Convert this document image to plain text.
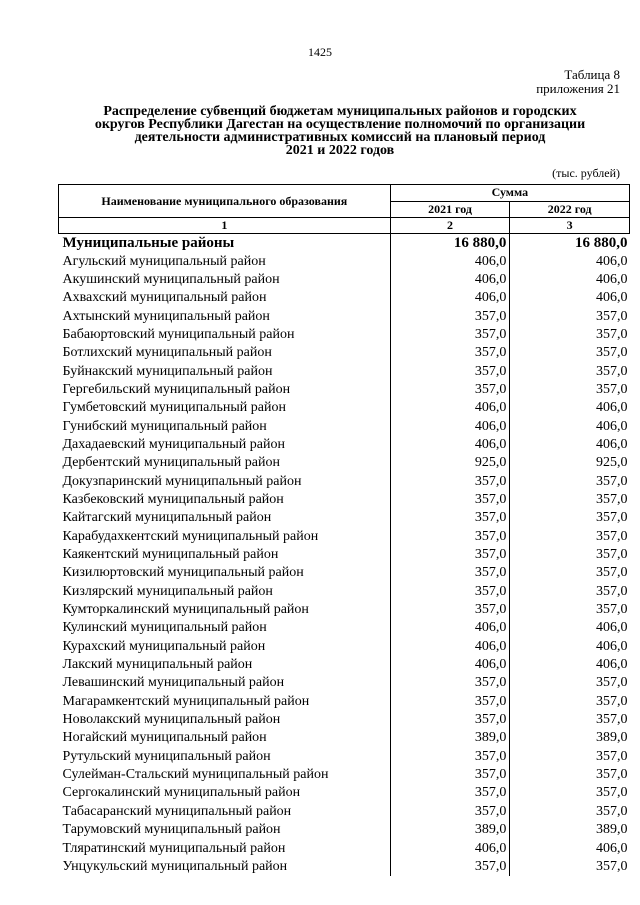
1425
Таблица 8
приложения 21
Распределение субвенций бюджетам муниципальных районов и городских
округов Республики Дагестан на осуществление полномочий по организации
деятельности административных комиссий на плановый период
2021 и 2022 годов
(тыс. рублей)
Наименование муниципального образования	Сумма	
	2021 год	2022 год
1	2	3
Муниципальные районы	16 880,0	16 880,0
Агульский муниципальный район	406,0	406,0
Акушинский муниципальный район	406,0	406,0
Ахвахский муниципальный район	406,0	406,0
Ахтынский муниципальный район	357,0	357,0
Бабаюртовский муниципальный район	357,0	357,0
Ботлихский муниципальный район	357,0	357,0
Буйнакский муниципальный район	357,0	357,0
Гергебильский муниципальный район	357,0	357,0
Гумбетовский муниципальный район	406,0	406,0
Гунибский муниципальный район	406,0	406,0
Дахадаевский муниципальный район	406,0	406,0
Дербентский муниципальный район	925,0	925,0
Докузпаринский муниципальный район	357,0	357,0
Казбековский муниципальный район	357,0	357,0
Кайтагский муниципальный район	357,0	357,0
Карабудахкентский муниципальный район	357,0	357,0
Каякентский муниципальный район	357,0	357,0
Кизилюртовский муниципальный район	357,0	357,0
Кизлярский муниципальный район	357,0	357,0
Кумторкалинский муниципальный район	357,0	357,0
Кулинский муниципальный район	406,0	406,0
Курахский муниципальный район	406,0	406,0
Лакский муниципальный район	406,0	406,0
Левашинский муниципальный район	357,0	357,0
Магарамкентский муниципальный район	357,0	357,0
Новолакский муниципальный район	357,0	357,0
Ногайский муниципальный район	389,0	389,0
Рутульский муниципальный район	357,0	357,0
Сулейман-Стальский муниципальный район	357,0	357,0
Сергокалинский муниципальный район	357,0	357,0
Табасаранский муниципальный район	357,0	357,0
Тарумовский муниципальный район	389,0	389,0
Тляратинский муниципальный район	406,0	406,0
Унцукульский муниципальный район	357,0	357,0
